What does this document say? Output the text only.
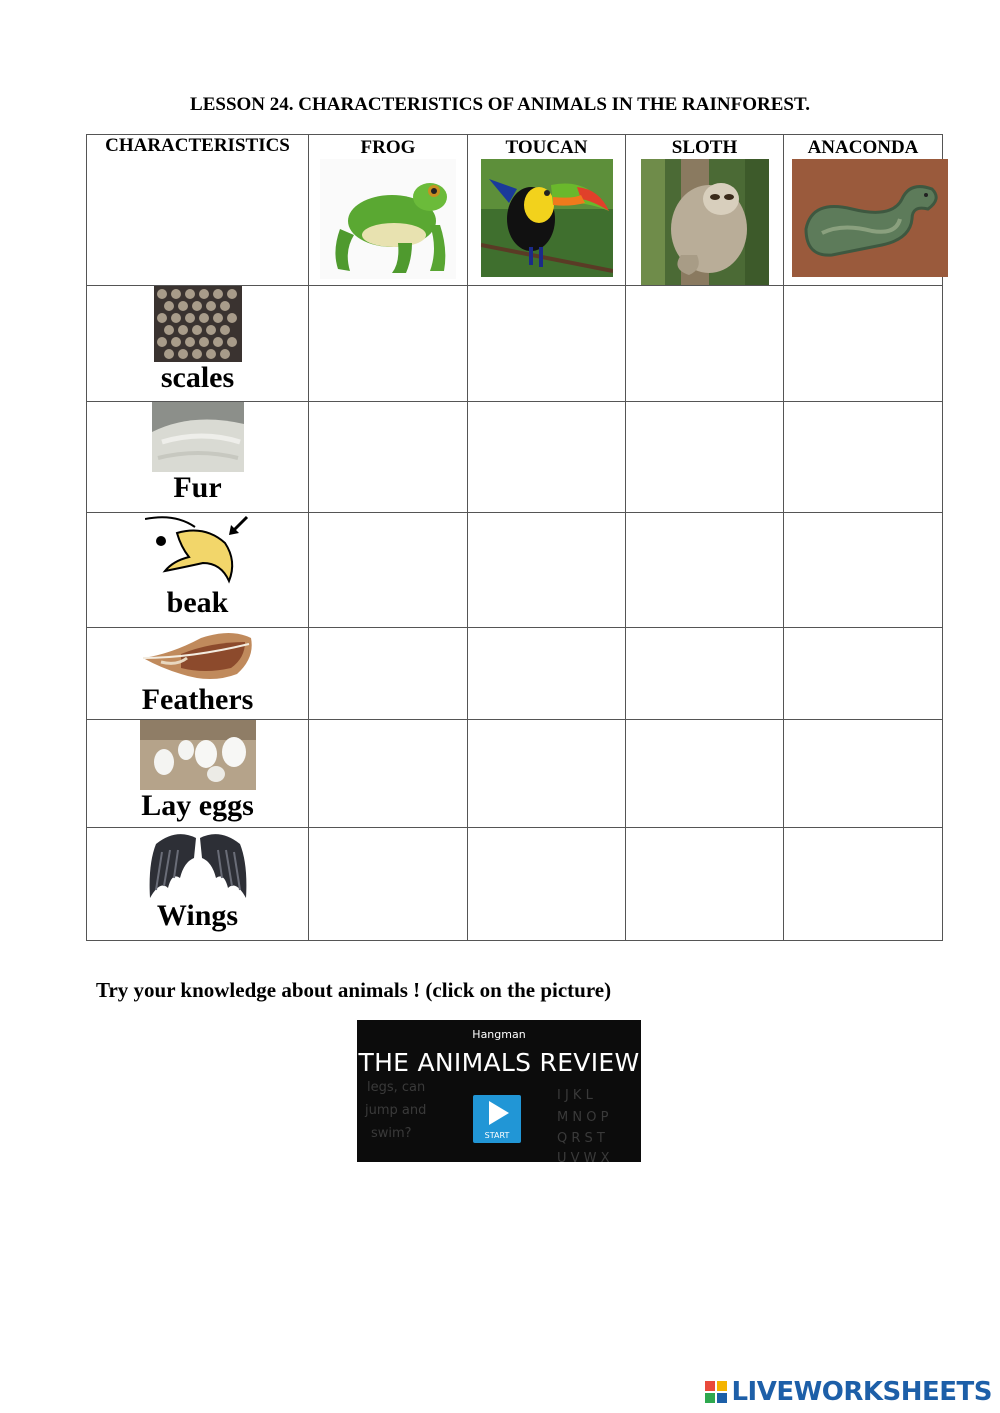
LESSON 24. CHARACTERISTICS OF ANIMALS IN THE RAINFOREST.
CHARACTERISTICS	FROG	TOUCAN	SLOTH	ANACONDA

scales				

Fur				

beak				

Feathers				

Lay eggs				

Wings				

Try your knowledge about animals ! (click on the picture)
Hangman
THE ANIMALS REVIEW
legs, can
jump and
swim?
I J K L
M N O P
Q R S T
U V W X
START
LIVEWORKSHEETS
